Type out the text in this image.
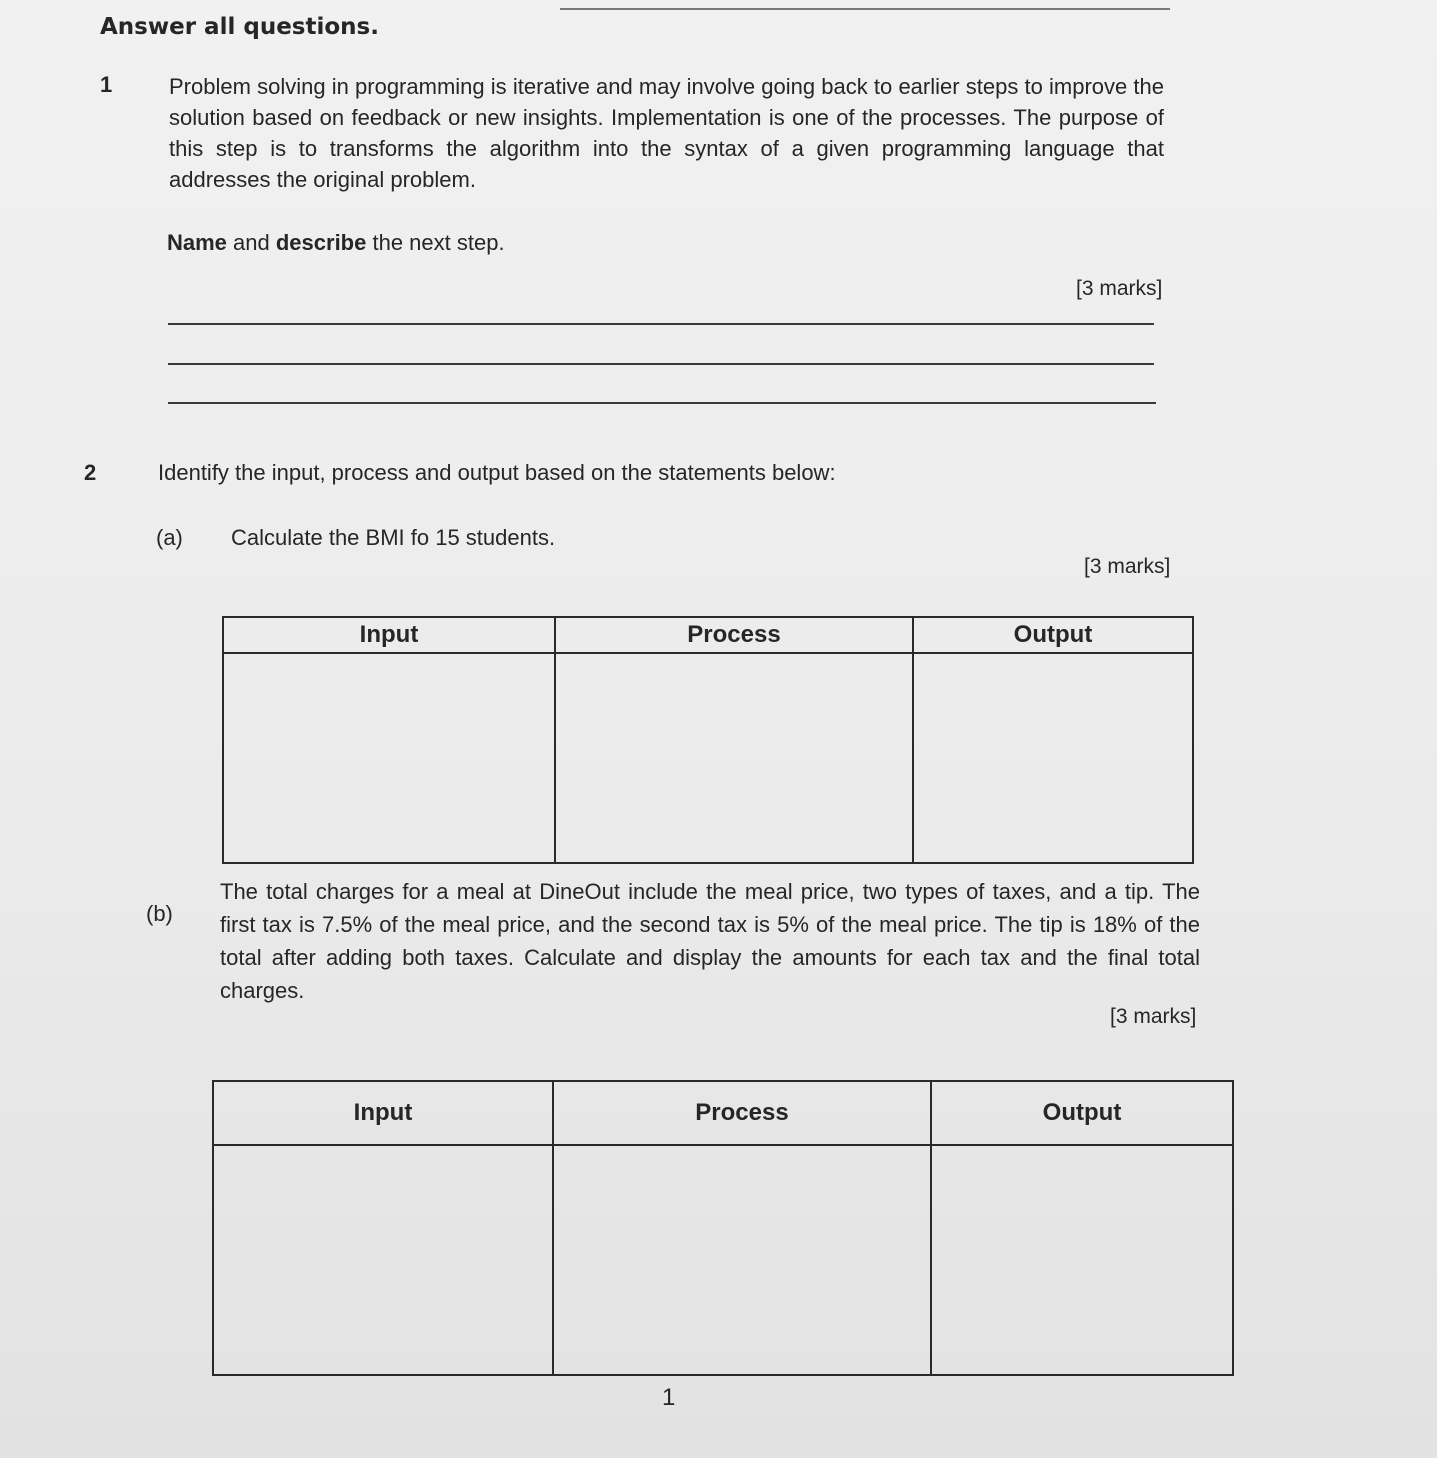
Answer all questions.
1	Problem solving in programming is iterative and may involve going back to earlier steps to improve the solution based on feedback or new insights. Implementation is one of the processes. The purpose of this step is to transforms the algorithm into the syntax of a given programming language that addresses the original problem.
Name and describe the next step.
[3 marks]
2	Identify the input, process and output based on the statements below:
(a) Calculate the BMI fo 15 students.
[3 marks]
Input	Process	Output

(b)
The total charges for a meal at DineOut include the meal price, two types of taxes, and a tip. The first tax is 7.5% of the meal price, and the second tax is 5% of the meal price. The tip is 18% of the total after adding both taxes. Calculate and display the amounts for each tax and the final total charges.
[3 marks]
Input	Process	Output

1
